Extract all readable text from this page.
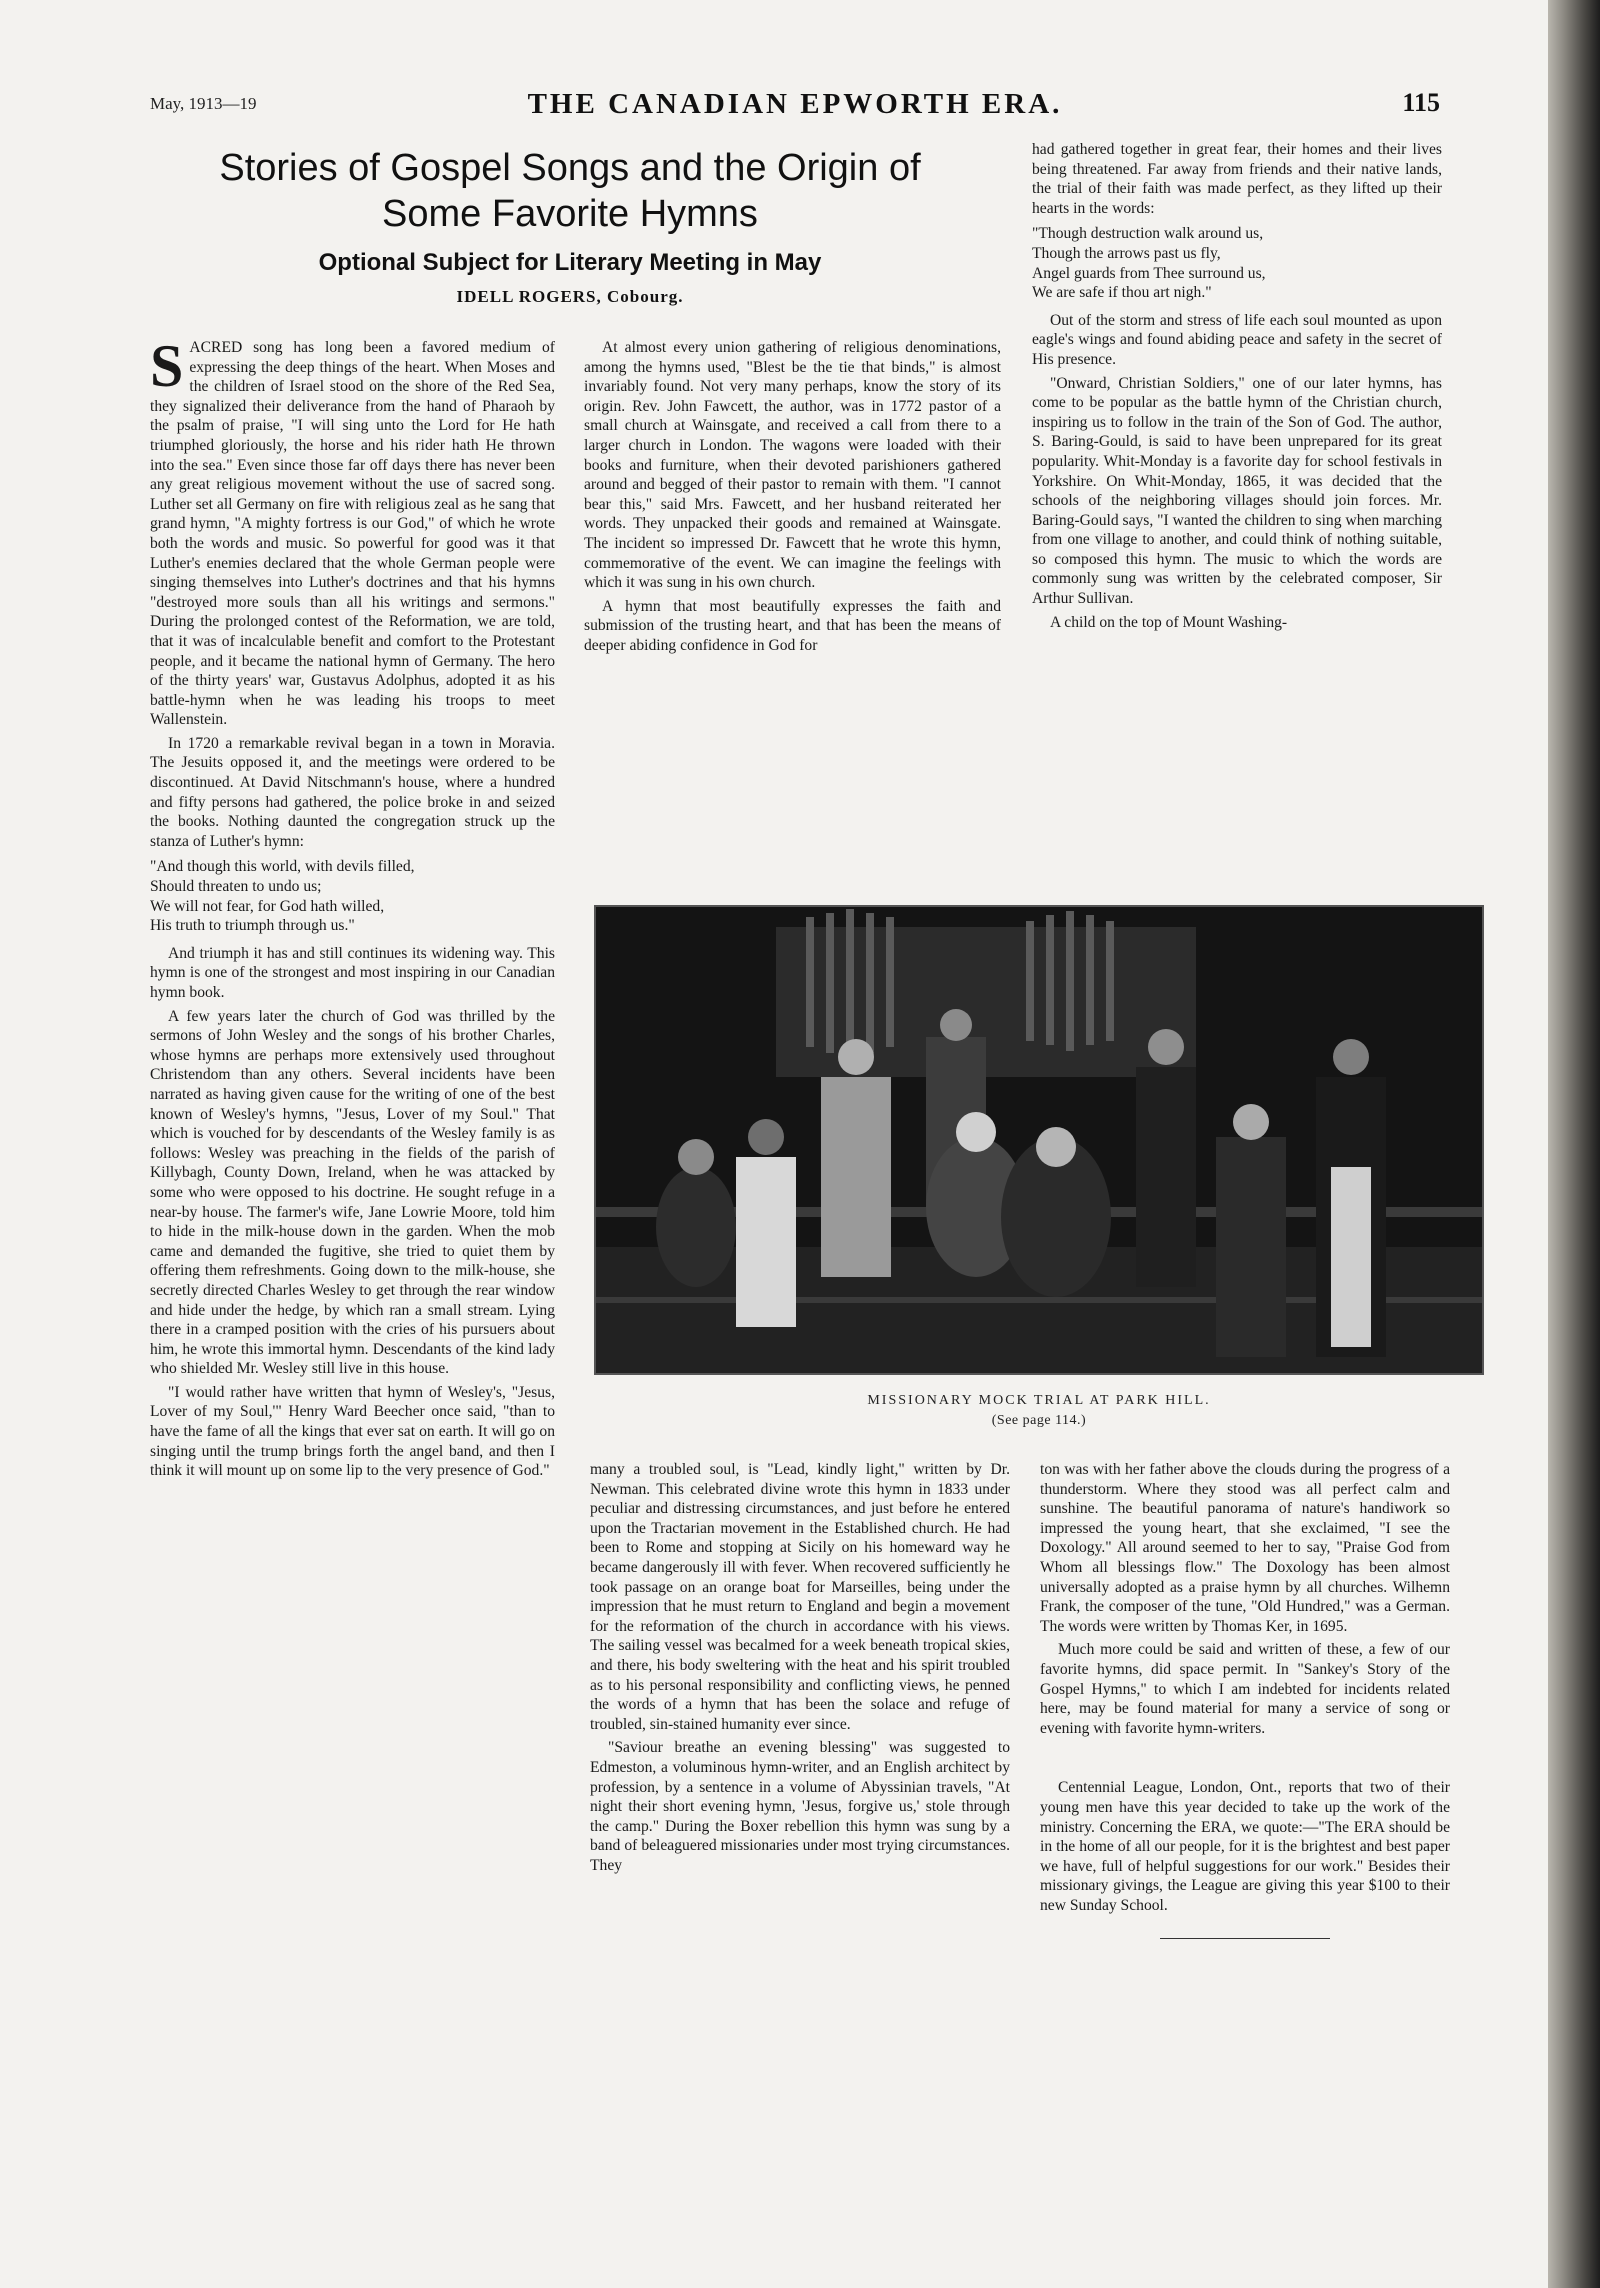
May, 1913—19	THE CANADIAN EPWORTH ERA.	115
Stories of Gospel Songs and the Origin of
Some Favorite Hymns
Optional Subject for Literary Meeting in May
IDELL ROGERS, Cobourg.

SACRED song has long been a favored medium of expressing the deep things of the heart. When Moses and the children of Israel stood on the shore of the Red Sea, they signalized their deliverance from the hand of Pharaoh by the psalm of praise, "I will sing unto the Lord for He hath triumphed gloriously, the horse and his rider hath He thrown into the sea." Even since those far off days there has never been any great religious movement without the use of sacred song. Luther set all Germany on fire with religious zeal as he sang that grand hymn, "A mighty fortress is our God," of which he wrote both the words and music. So powerful for good was it that Luther's enemies declared that the whole German people were singing themselves into Luther's doctrines and that his hymns "destroyed more souls than all his writings and sermons." During the prolonged contest of the Reformation, we are told, that it was of incalculable benefit and comfort to the Protestant people, and it became the national hymn of Germany. The hero of the thirty years' war, Gustavus Adolphus, adopted it as his battle-hymn when he was leading his troops to meet Wallenstein.

In 1720 a remarkable revival began in a town in Moravia. The Jesuits opposed it, and the meetings were ordered to be discontinued. At David Nitschmann's house, where a hundred and fifty persons had gathered, the police broke in and seized the books. Nothing daunted the congregation struck up the stanza of Luther's hymn:

"And though this world, with devils filled,
Should threaten to undo us;
We will not fear, for God hath willed,
His truth to triumph through us."

And triumph it has and still continues its widening way. This hymn is one of the strongest and most inspiring in our Canadian hymn book.

A few years later the church of God was thrilled by the sermons of John Wesley and the songs of his brother Charles, whose hymns are perhaps more extensively used throughout Christendom than any others. Several incidents have been narrated as having given cause for the writing of one of the best known of Wesley's hymns, "Jesus, Lover of my Soul." That which is vouched for by descendants of the Wesley family is as follows: Wesley was preaching in the fields of the parish of Killybagh, County Down, Ireland, when he was attacked by some who were opposed to his doctrine. He sought refuge in a near-by house. The farmer's wife, Jane Lowrie Moore, told him to hide in the milk-house down in the garden. When the mob came and demanded the fugitive, she tried to quiet them by offering them refreshments. Going down to the milk-house, she secretly directed Charles Wesley to get through the rear window and hide under the hedge, by which ran a small stream. Lying there in a cramped position with the cries of his pursuers about him, he wrote this immortal hymn. Descendants of the kind lady who shielded Mr. Wesley still live in this house.

"I would rather have written that hymn of Wesley's, "Jesus, Lover of my Soul,'" Henry Ward Beecher once said, "than to have the fame of all the kings that ever sat on earth. It will go on singing until the trump brings forth the angel band, and then I think it will mount up on some lip to the very presence of God."

At almost every union gathering of religious denominations, among the hymns used, "Blest be the tie that binds," is almost invariably found. Not very many perhaps, know the story of its origin. Rev. John Fawcett, the author, was in 1772 pastor of a small church at Wainsgate, and received a call from there to a larger church in London. The wagons were loaded with their books and furniture, when their devoted parishioners gathered around and begged of their pastor to remain with them. "I cannot bear this," said Mrs. Fawcett, and her husband reiterated her words. They unpacked their goods and remained at Wainsgate. The incident so impressed Dr. Fawcett that he wrote this hymn, commemorative of the event. We can imagine the feelings with which it was sung in his own church.

A hymn that most beautifully expresses the faith and submission of the trusting heart, and that has been the means of deeper abiding confidence in God for

had gathered together in great fear, their homes and their lives being threatened. Far away from friends and their native lands, the trial of their faith was made perfect, as they lifted up their hearts in the words:

"Though destruction walk around us,
Though the arrows past us fly,
Angel guards from Thee surround us,
We are safe if thou art nigh."

Out of the storm and stress of life each soul mounted as upon eagle's wings and found abiding peace and safety in the secret of His presence.

"Onward, Christian Soldiers," one of our later hymns, has come to be popular as the battle hymn of the Christian church, inspiring us to follow in the train of the Son of God. The author, S. Baring-Gould, is said to have been unprepared for its great popularity. Whit-Monday is a favorite day for school festivals in Yorkshire. On Whit-Monday, 1865, it was decided that the schools of the neighboring villages should join forces. Mr. Baring-Gould says, "I wanted the children to sing when marching from one village to another, and could think of nothing suitable, so composed this hymn. The music to which the words are commonly sung was written by the celebrated composer, Sir Arthur Sullivan.

A child on the top of Mount Washing-

MISSIONARY MOCK TRIAL AT PARK HILL.
(See page 114.)

many a troubled soul, is "Lead, kindly light," written by Dr. Newman. This celebrated divine wrote this hymn in 1833 under peculiar and distressing circumstances, and just before he entered upon the Tractarian movement in the Established church. He had been to Rome and stopping at Sicily on his homeward way he became dangerously ill with fever. When recovered sufficiently he took passage on an orange boat for Marseilles, being under the impression that he must return to England and begin a movement for the reformation of the church in accordance with his views. The sailing vessel was becalmed for a week beneath tropical skies, and there, his body sweltering with the heat and his spirit troubled as to his personal responsibility and conflicting views, he penned the words of a hymn that has been the solace and refuge of troubled, sin-stained humanity ever since.

"Saviour breathe an evening blessing" was suggested to Edmeston, a voluminous hymn-writer, and an English architect by profession, by a sentence in a volume of Abyssinian travels, "At night their short evening hymn, 'Jesus, forgive us,' stole through the camp." During the Boxer rebellion this hymn was sung by a band of beleaguered missionaries under most trying circumstances. They

ton was with her father above the clouds during the progress of a thunderstorm. Where they stood was all perfect calm and sunshine. The beautiful panorama of nature's handiwork so impressed the young heart, that she exclaimed, "I see the Doxology." All around seemed to her to say, "Praise God from Whom all blessings flow." The Doxology has been almost universally adopted as a praise hymn by all churches. Wilhemn Frank, the composer of the tune, "Old Hundred," was a German. The words were written by Thomas Ker, in 1695.

Much more could be said and written of these, a few of our favorite hymns, did space permit. In "Sankey's Story of the Gospel Hymns," to which I am indebted for incidents related here, may be found material for many a service of song or evening with favorite hymn-writers.

Centennial League, London, Ont., reports that two of their young men have this year decided to take up the work of the ministry. Concerning the ERA, we quote:—"The ERA should be in the home of all our people, for it is the brightest and best paper we have, full of helpful suggestions for our work." Besides their missionary givings, the League are giving this year $100 to their new Sunday School.
